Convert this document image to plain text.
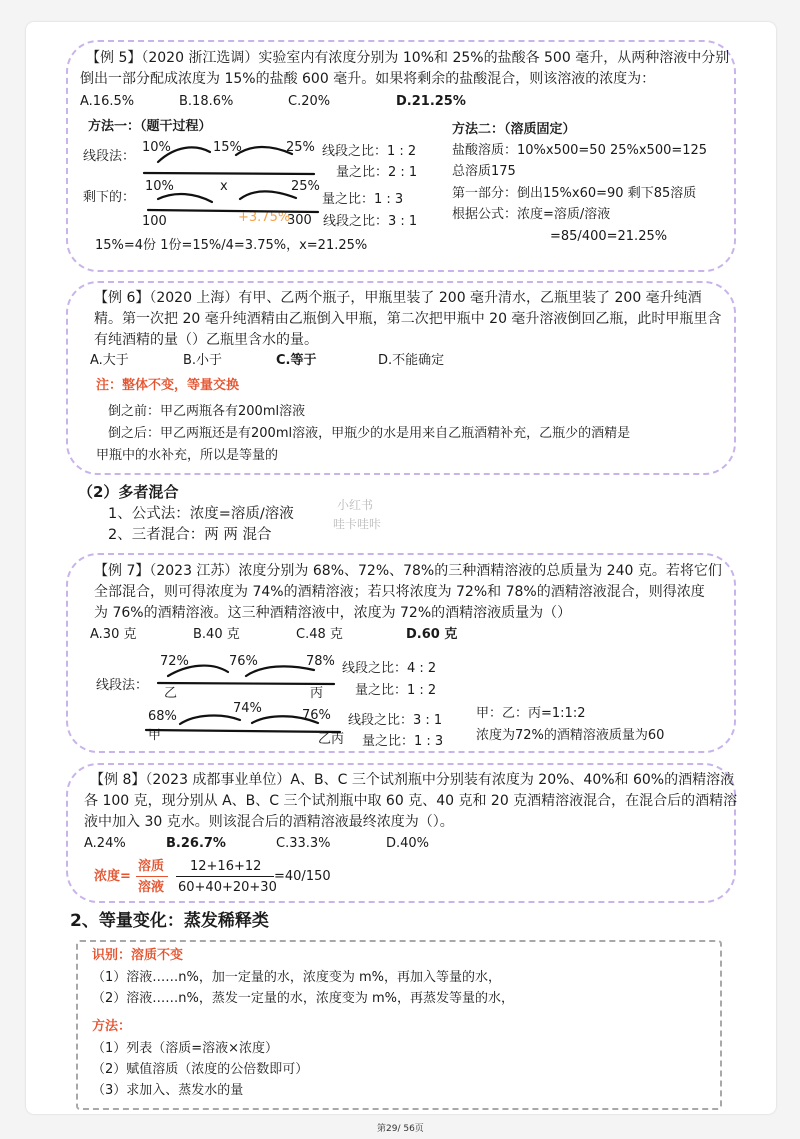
【例 5】（2020 浙江选调）实验室内有浓度分别为 10%和 25%的盐酸各 500 毫升，从两种溶液中分别
倒出一部分配成浓度为 15%的盐酸 600 毫升。如果将剩余的盐酸混合，则该溶液的浓度为：
A.16.5%	B.18.6%	C.20%	D.21.25%
方法一：（题干过程）
线段法：
10%	15%	25% 线段之比：1 : 2
量之比：2 : 1
剩下的：
10%	x	25%
100	+3.75%
300
量之比：1 : 3
线段之比：3 : 1
15%=4份 1份=15%/4=3.75%，x=21.25%
方法二：（溶质固定）
盐酸溶质：10%x500=50 25%x500=125
总溶质175
第一部分：倒出15%x60=90 剩下85溶质
根据公式：浓度=溶质/溶液
=85/400=21.25%
【例 6】（2020 上海）有甲、乙两个瓶子，甲瓶里装了 200 毫升清水，乙瓶里装了 200 毫升纯酒
精。第一次把 20 毫升纯酒精由乙瓶倒入甲瓶，第二次把甲瓶中 20 毫升溶液倒回乙瓶，此时甲瓶里含
有纯酒精的量（）乙瓶里含水的量。
A.大于	B.小于	C.等于	D.不能确定
注：整体不变，等量交换
倒之前：甲乙两瓶各有200ml溶液
倒之后：甲乙两瓶还是有200ml溶液，甲瓶少的水是用来自乙瓶酒精补充，乙瓶少的酒精是
甲瓶中的水补充，所以是等量的
（2）多者混合
1、公式法：浓度=溶质/溶液
2、三者混合：两 两 混合
小红书
哇卡哇咔
【例 7】（2023 江苏）浓度分别为 68%、72%、78%的三种酒精溶液的总质量为 240 克。若将它们
全部混合，则可得浓度为 74%的酒精溶液；若只将浓度为 72%和 78%的酒精溶液混合，则得浓度
为 76%的酒精溶液。这三种酒精溶液中，浓度为 72%的酒精溶液质量为（）
A.30 克	B.40 克	C.48 克	D.60 克
线段法：
72%	76%	78%
乙	丙
线段之比：4 : 2
量之比：1 : 2
68%
74%	76%
甲	乙丙
线段之比：3 : 1
量之比：1 : 3
甲：乙：丙=1:1:2
浓度为72%的酒精溶液质量为60
【例 8】（2023 成都事业单位）A、B、C 三个试剂瓶中分别装有浓度为 20%、40%和 60%的酒精溶液
各 100 克，现分别从 A、B、C 三个试剂瓶中取 60 克、40 克和 20 克酒精溶液混合，在混合后的酒精溶
液中加入 30 克水。则该混合后的酒精溶液最终浓度为（）。
A.24%	B.26.7%	C.33.3%	D.40%
浓度=
溶质
溶液
12+16+12
60+40+20+30
=40/150
2、等量变化：蒸发稀释类
识别：溶质不变
（1）溶液……n%，加一定量的水，浓度变为 m%，再加入等量的水，
（2）溶液……n%，蒸发一定量的水，浓度变为 m%，再蒸发等量的水，
方法：
（1）列表（溶质=溶液×浓度）
（2）赋值溶质（浓度的公倍数即可）
（3）求加入、蒸发水的量
第29/ 56页
